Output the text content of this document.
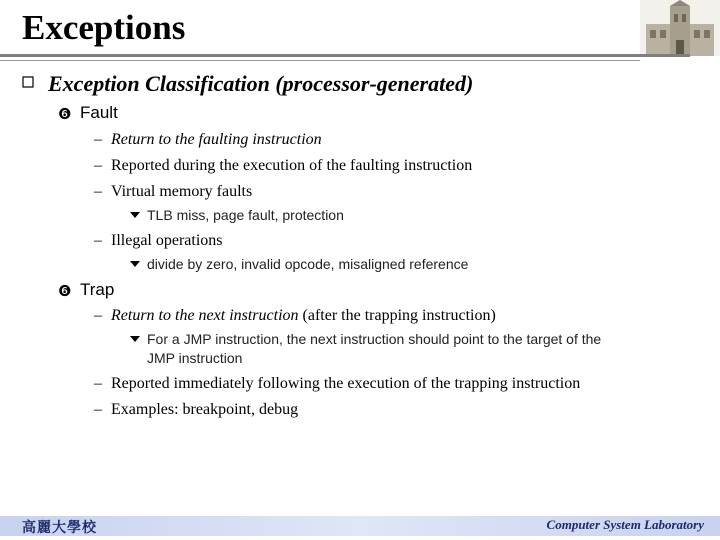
Exceptions
Exception Classification (processor-generated)
❻ Fault
– Return to the faulting instruction
– Reported during the execution of the faulting instruction
– Virtual memory faults
TLB miss, page fault, protection
– Illegal operations
divide by zero, invalid opcode, misaligned reference
❻ Trap
– Return to the next instruction (after the trapping instruction)
For a JMP instruction, the next instruction should point to the target of the
JMP instruction
– Reported immediately following the execution of the trapping instruction
– Examples: breakpoint, debug
高麗大學校	Computer System Laboratory
